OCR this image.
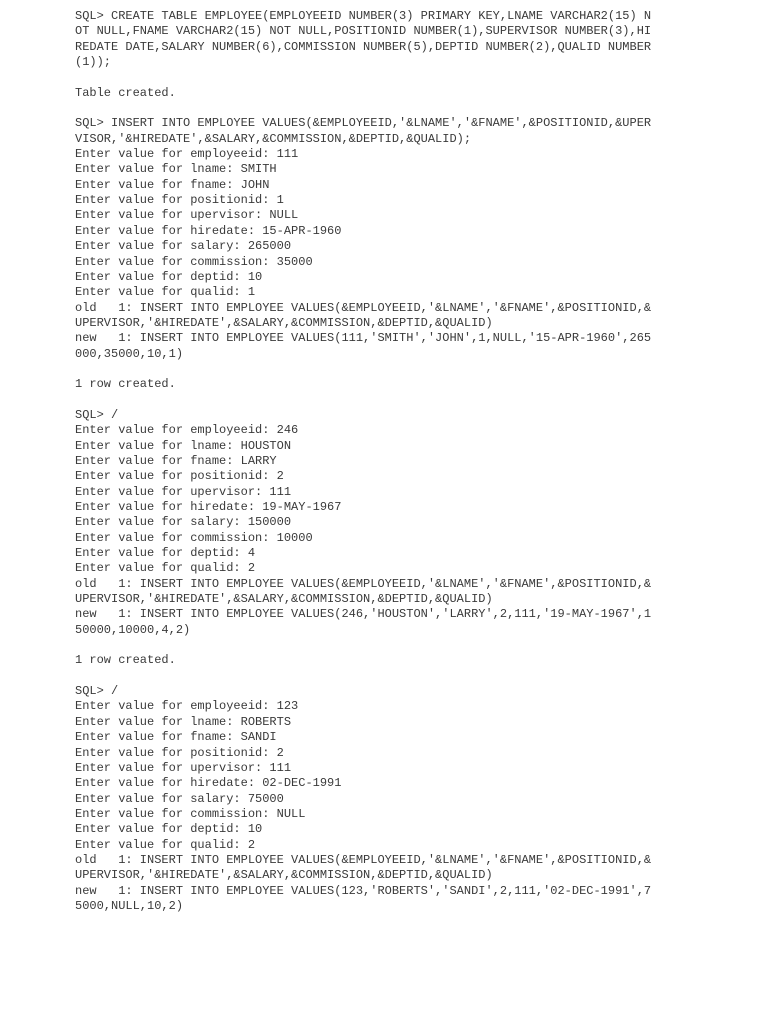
SQL> CREATE TABLE EMPLOYEE(EMPLOYEEID NUMBER(3) PRIMARY KEY,LNAME VARCHAR2(15) N
OT NULL,FNAME VARCHAR2(15) NOT NULL,POSITIONID NUMBER(1),SUPERVISOR NUMBER(3),HI
REDATE DATE,SALARY NUMBER(6),COMMISSION NUMBER(5),DEPTID NUMBER(2),QUALID NUMBER
(1));
Table created.
SQL> INSERT INTO EMPLOYEE VALUES(&EMPLOYEEID,'&LNAME','&FNAME',&POSITIONID,&UPER
VISOR,'&HIREDATE',&SALARY,&COMMISSION,&DEPTID,&QUALID);
Enter value for employeeid: 111
Enter value for lname: SMITH
Enter value for fname: JOHN
Enter value for positionid: 1
Enter value for upervisor: NULL
Enter value for hiredate: 15-APR-1960
Enter value for salary: 265000
Enter value for commission: 35000
Enter value for deptid: 10
Enter value for qualid: 1
old   1: INSERT INTO EMPLOYEE VALUES(&EMPLOYEEID,'&LNAME','&FNAME',&POSITIONID,&
UPERVISOR,'&HIREDATE',&SALARY,&COMMISSION,&DEPTID,&QUALID)
new   1: INSERT INTO EMPLOYEE VALUES(111,'SMITH','JOHN',1,NULL,'15-APR-1960',265
000,35000,10,1)
1 row created.
SQL> /
Enter value for employeeid: 246
Enter value for lname: HOUSTON
Enter value for fname: LARRY
Enter value for positionid: 2
Enter value for upervisor: 111
Enter value for hiredate: 19-MAY-1967
Enter value for salary: 150000
Enter value for commission: 10000
Enter value for deptid: 4
Enter value for qualid: 2
old   1: INSERT INTO EMPLOYEE VALUES(&EMPLOYEEID,'&LNAME','&FNAME',&POSITIONID,&
UPERVISOR,'&HIREDATE',&SALARY,&COMMISSION,&DEPTID,&QUALID)
new   1: INSERT INTO EMPLOYEE VALUES(246,'HOUSTON','LARRY',2,111,'19-MAY-1967',1
50000,10000,4,2)
1 row created.
SQL> /
Enter value for employeeid: 123
Enter value for lname: ROBERTS
Enter value for fname: SANDI
Enter value for positionid: 2
Enter value for upervisor: 111
Enter value for hiredate: 02-DEC-1991
Enter value for salary: 75000
Enter value for commission: NULL
Enter value for deptid: 10
Enter value for qualid: 2
old   1: INSERT INTO EMPLOYEE VALUES(&EMPLOYEEID,'&LNAME','&FNAME',&POSITIONID,&
UPERVISOR,'&HIREDATE',&SALARY,&COMMISSION,&DEPTID,&QUALID)
new   1: INSERT INTO EMPLOYEE VALUES(123,'ROBERTS','SANDI',2,111,'02-DEC-1991',7
5000,NULL,10,2)
